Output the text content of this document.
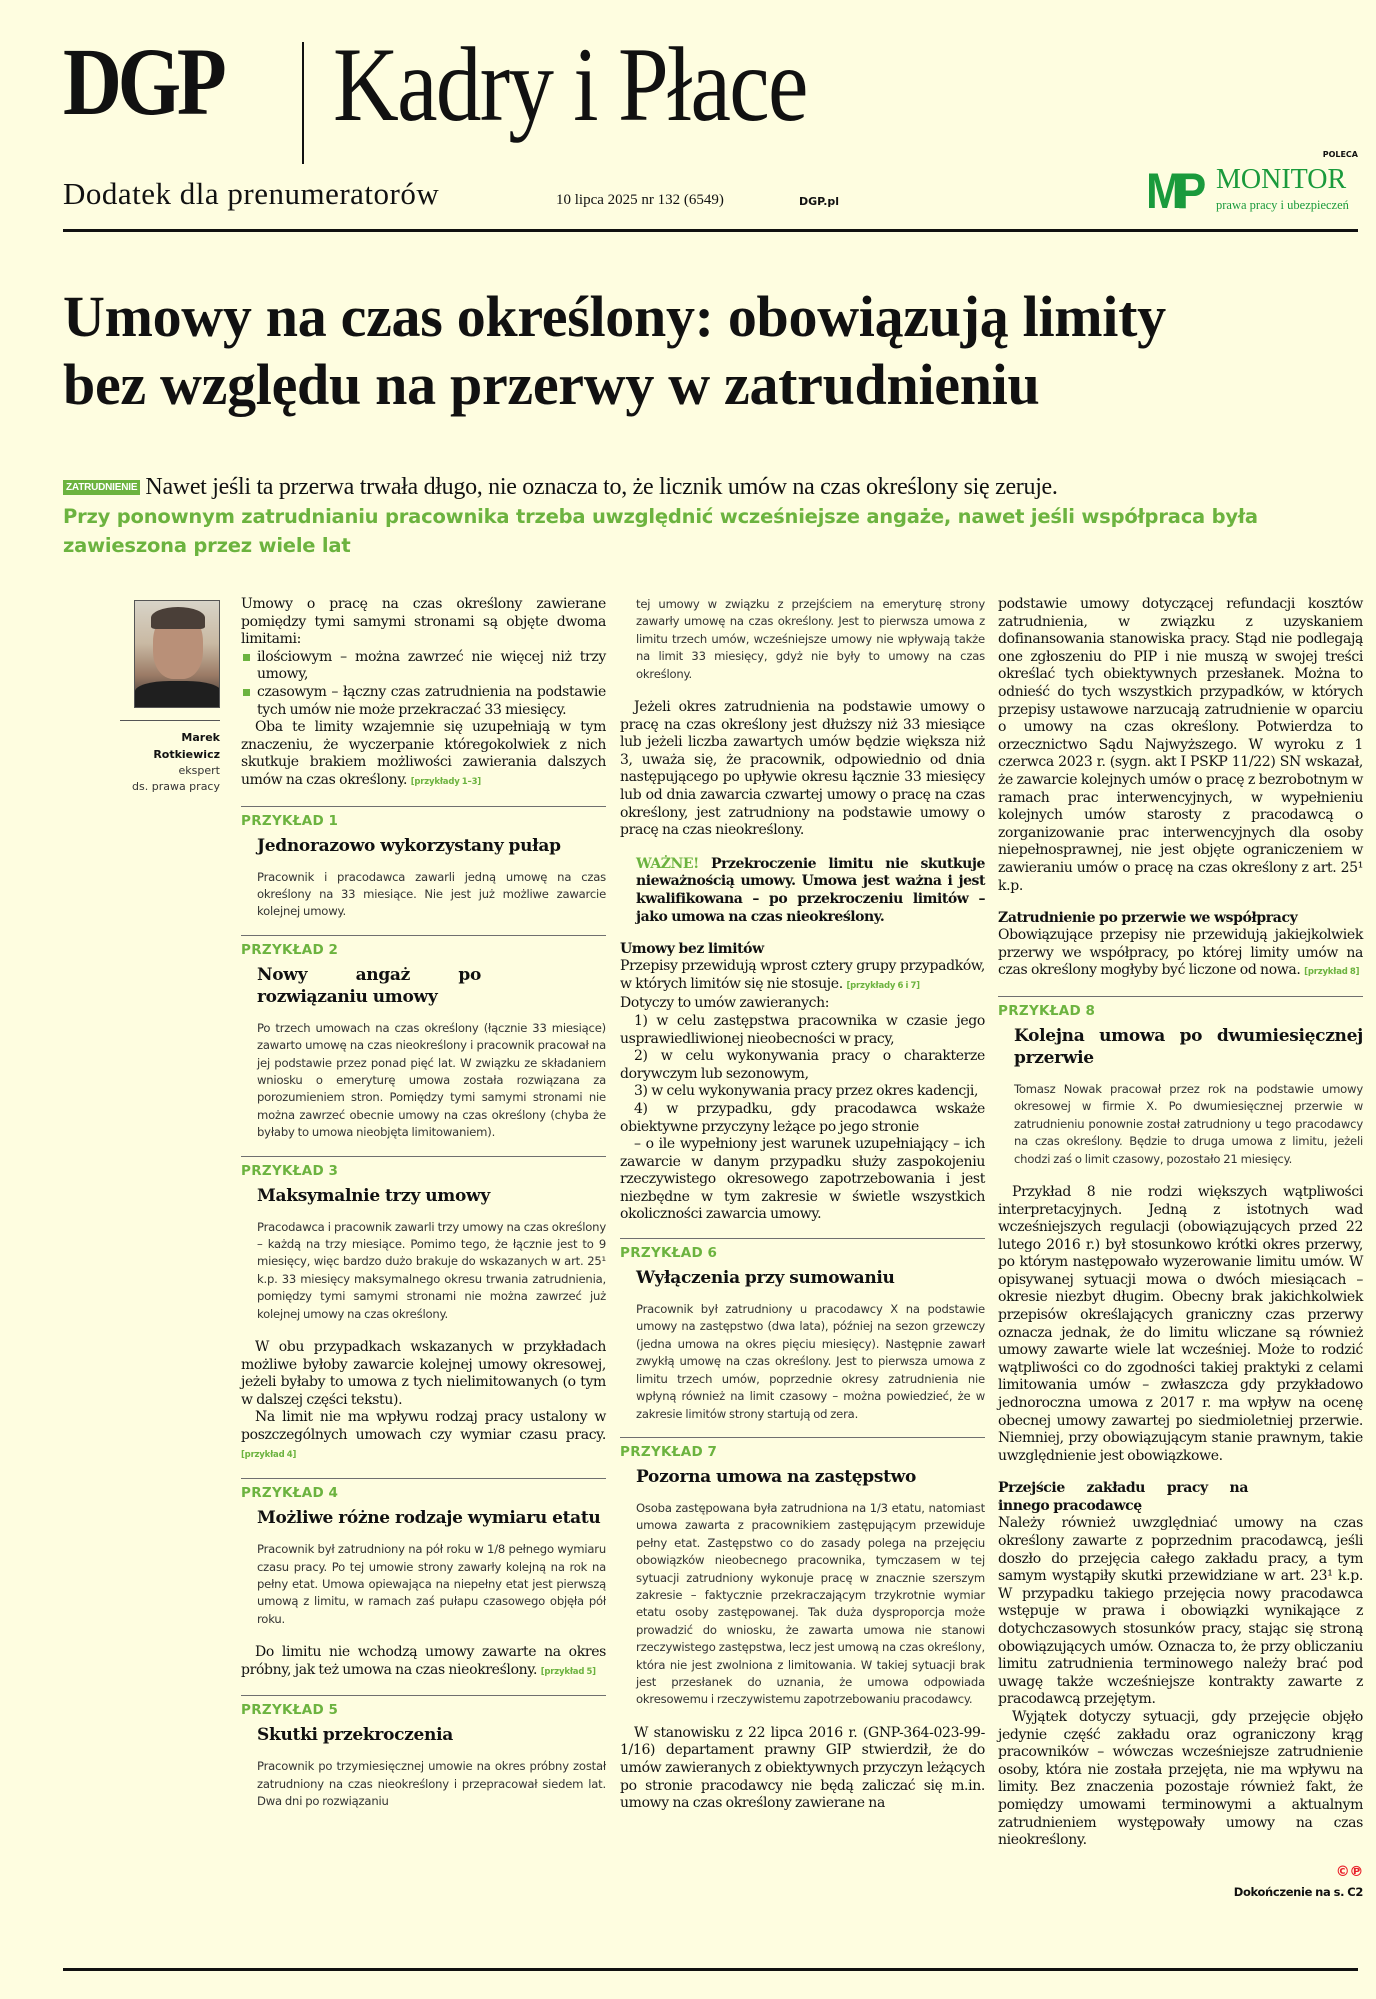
DGP Kadry i Płace
Dodatek dla prenumeratorów	10 lipca 2025 nr 132 (6549)	DGP.pl
POLECA
MP MONITOR
prawa pracy i ubezpieczeń
Umowy na czas określony: obowiązują limity
bez względu na przerwy w zatrudnieniu
ZATRUDNIENIE Nawet jeśli ta przerwa trwała długo, nie oznacza to, że licznik umów na czas określony się zeruje.
Przy ponownym zatrudnianiu pracownika trzeba uwzględnić wcześniejsze angaże, nawet jeśli współpraca była zawieszona przez wiele lat
Marek
Rotkiewicz
ekspert
ds. prawa pracy

Umowy o pracę na czas określony zawierane pomiędzy tymi samymi stronami są objęte dwoma limitami:

ilościowym – można zawrzeć nie więcej niż trzy umowy,
czasowym – łączny czas zatrudnienia na podstawie tych umów nie może przekraczać 33 miesięcy.

Oba te limity wzajemnie się uzupełniają w tym znaczeniu, że wyczerpanie któregokolwiek z nich skutkuje brakiem możliwości zawierania dalszych umów na czas określony. [przykłady 1–3]

PRZYKŁAD 1
Jednorazowo wykorzystany pułap
Pracownik i pracodawca zawarli jedną umowę na czas określony na 33 miesiące. Nie jest już możliwe zawarcie kolejnej umowy.
PRZYKŁAD 2
Nowy angaż po rozwiązaniu umowy
Po trzech umowach na czas określony (łącznie 33 miesiące) zawarto umowę na czas nieokreślony i pracownik pracował na jej podstawie przez ponad pięć lat. W związku ze składaniem wniosku o emeryturę umowa została rozwiązana za porozumieniem stron. Pomiędzy tymi samymi stronami nie można zawrzeć obecnie umowy na czas określony (chyba że byłaby to umowa nieobjęta limitowaniem).
PRZYKŁAD 3
Maksymalnie trzy umowy
Pracodawca i pracownik zawarli trzy umowy na czas określony – każdą na trzy miesiące. Pomimo tego, że łącznie jest to 9 miesięcy, więc bardzo dużo brakuje do wskazanych w art. 25¹ k.p. 33 miesięcy maksymalnego okresu trwania zatrudnienia, pomiędzy tymi samymi stronami nie można zawrzeć już kolejnej umowy na czas określony.

W obu przypadkach wskazanych w przykładach możliwe byłoby zawarcie kolejnej umowy okresowej, jeżeli byłaby to umowa z tych nielimitowanych (o tym w dalszej części tekstu).

Na limit nie ma wpływu rodzaj pracy ustalony w poszczególnych umowach czy wymiar czasu pracy. [przykład 4]

PRZYKŁAD 4
Możliwe różne rodzaje wymiaru etatu
Pracownik był zatrudniony na pół roku w 1/8 pełnego wymiaru czasu pracy. Po tej umowie strony zawarły kolejną na rok na pełny etat. Umowa opiewająca na niepełny etat jest pierwszą umową z limitu, w ramach zaś pułapu czasowego objęła pół roku.

Do limitu nie wchodzą umowy zawarte na okres próbny, jak też umowa na czas nieokreślony. [przykład 5]

PRZYKŁAD 5
Skutki przekroczenia
Pracownik po trzymiesięcznej umowie na okres próbny został zatrudniony na czas nieokreślony i przepracował siedem lat. Dwa dni po rozwiązaniu
tej umowy w związku z przejściem na emeryturę strony zawarły umowę na czas określony. Jest to pierwsza umowa z limitu trzech umów, wcześniejsze umowy nie wpływają także na limit 33 miesięcy, gdyż nie były to umowy na czas określony.

Jeżeli okres zatrudnienia na podstawie umowy o pracę na czas określony jest dłuższy niż 33 miesiące lub jeżeli liczba zawartych umów będzie większa niż 3, uważa się, że pracownik, odpowiednio od dnia następującego po upływie okresu łącznie 33 miesięcy lub od dnia zawarcia czwartej umowy o pracę na czas określony, jest zatrudniony na podstawie umowy o pracę na czas nieokreślony.

WAŻNE! Przekroczenie limitu nie skutkuje nieważnością umowy. Umowa jest ważna i jest kwalifikowana – po przekroczeniu limitów – jako umowa na czas nieokreślony.
Umowy bez limitów

Przepisy przewidują wprost cztery grupy przypadków, w których limitów się nie stosuje. [przykłady 6 i 7]

Dotyczy to umów zawieranych:

1) w celu zastępstwa pracownika w czasie jego usprawiedliwionej nieobecności w pracy,

2) w celu wykonywania pracy o charakterze dorywczym lub sezonowym,

3) w celu wykonywania pracy przez okres kadencji,

4) w przypadku, gdy pracodawca wskaże obiektywne przyczyny leżące po jego stronie

– o ile wypełniony jest warunek uzupełniający – ich zawarcie w danym przypadku służy zaspokojeniu rzeczywistego okresowego zapotrzebowania i jest niezbędne w tym zakresie w świetle wszystkich okoliczności zawarcia umowy.

PRZYKŁAD 6
Wyłączenia przy sumowaniu
Pracownik był zatrudniony u pracodawcy X na podstawie umowy na zastępstwo (dwa lata), później na sezon grzewczy (jedna umowa na okres pięciu miesięcy). Następnie zawarł zwykłą umowę na czas określony. Jest to pierwsza umowa z limitu trzech umów, poprzednie okresy zatrudnienia nie wpłyną również na limit czasowy – można powiedzieć, że w zakresie limitów strony startują od zera.
PRZYKŁAD 7
Pozorna umowa na zastępstwo
Osoba zastępowana była zatrudniona na 1/3 etatu, natomiast umowa zawarta z pracownikiem zastępującym przewiduje pełny etat. Zastępstwo co do zasady polega na przejęciu obowiązków nieobecnego pracownika, tymczasem w tej sytuacji zatrudniony wykonuje pracę w znacznie szerszym zakresie – faktycznie przekraczającym trzykrotnie wymiar etatu osoby zastępowanej. Tak duża dysproporcja może prowadzić do wniosku, że zawarta umowa nie stanowi rzeczywistego zastępstwa, lecz jest umową na czas określony, która nie jest zwolniona z limitowania. W takiej sytuacji brak jest przesłanek do uznania, że umowa odpowiada okresowemu i rzeczywistemu zapotrzebowaniu pracodawcy.

W stanowisku z 22 lipca 2016 r. (GNP-364-023-99-1/16) departament prawny GIP stwierdził, że do umów zawieranych z obiektywnych przyczyn leżących po stronie pracodawcy nie będą zaliczać się m.in. umowy na czas określony zawierane na

podstawie umowy dotyczącej refundacji kosztów zatrudnienia, w związku z uzyskaniem dofinansowania stanowiska pracy. Stąd nie podlegają one zgłoszeniu do PIP i nie muszą w swojej treści określać tych obiektywnych przesłanek. Można to odnieść do tych wszystkich przypadków, w których przepisy ustawowe narzucają zatrudnienie w oparciu o umowy na czas określony. Potwierdza to orzecznictwo Sądu Najwyższego. W wyroku z 1 czerwca 2023 r. (sygn. akt I PSKP 11/22) SN wskazał, że zawarcie kolejnych umów o pracę z bezrobotnym w ramach prac interwencyjnych, w wypełnieniu kolejnych umów starosty z pracodawcą o zorganizowanie prac interwencyjnych dla osoby niepełnosprawnej, nie jest objęte ograniczeniem w zawieraniu umów o pracę na czas określony z art. 25¹ k.p.

Zatrudnienie po przerwie we współpracy

Obowiązujące przepisy nie przewidują jakiejkolwiek przerwy we współpracy, po której limity umów na czas określony mogłyby być liczone od nowa. [przykład 8]

PRZYKŁAD 8
Kolejna umowa po dwumiesięcznej przerwie
Tomasz Nowak pracował przez rok na podstawie umowy okresowej w firmie X. Po dwumiesięcznej przerwie w zatrudnieniu ponownie został zatrudniony u tego pracodawcy na czas określony. Będzie to druga umowa z limitu, jeżeli chodzi zaś o limit czasowy, pozostało 21 miesięcy.

Przykład 8 nie rodzi większych wątpliwości interpretacyjnych. Jedną z istotnych wad wcześniejszych regulacji (obowiązujących przed 22 lutego 2016 r.) był stosunkowo krótki okres przerwy, po którym następowało wyzerowanie limitu umów. W opisywanej sytuacji mowa o dwóch miesiącach – okresie niezbyt długim. Obecny brak jakichkolwiek przepisów określających graniczny czas przerwy oznacza jednak, że do limitu wliczane są również umowy zawarte wiele lat wcześniej. Może to rodzić wątpliwości co do zgodności takiej praktyki z celami limitowania umów – zwłaszcza gdy przykładowo jednoroczna umowa z 2017 r. ma wpływ na ocenę obecnej umowy zawartej po siedmioletniej przerwie. Niemniej, przy obowiązującym stanie prawnym, takie uwzględnienie jest obowiązkowe.

Przejście zakładu pracy na innego pracodawcę

Należy również uwzględniać umowy na czas określony zawarte z poprzednim pracodawcą, jeśli doszło do przejęcia całego zakładu pracy, a tym samym wystąpiły skutki przewidziane w art. 23¹ k.p. W przypadku takiego przejęcia nowy pracodawca wstępuje w prawa i obowiązki wynikające z dotychczasowych stosunków pracy, stając się stroną obowiązujących umów. Oznacza to, że przy obliczaniu limitu zatrudnienia terminowego należy brać pod uwagę także wcześniejsze kontrakty zawarte z pracodawcą przejętym.

Wyjątek dotyczy sytuacji, gdy przejęcie objęło jedynie część zakładu oraz ograniczony krąg pracowników – wówczas wcześniejsze zatrudnienie osoby, która nie została przejęta, nie ma wpływu na limity. Bez znaczenia pozostaje również fakt, że pomiędzy umowami terminowymi a aktualnym zatrudnieniem występowały umowy na czas nieokreślony.

©℗
Dokończenie na s. C2
